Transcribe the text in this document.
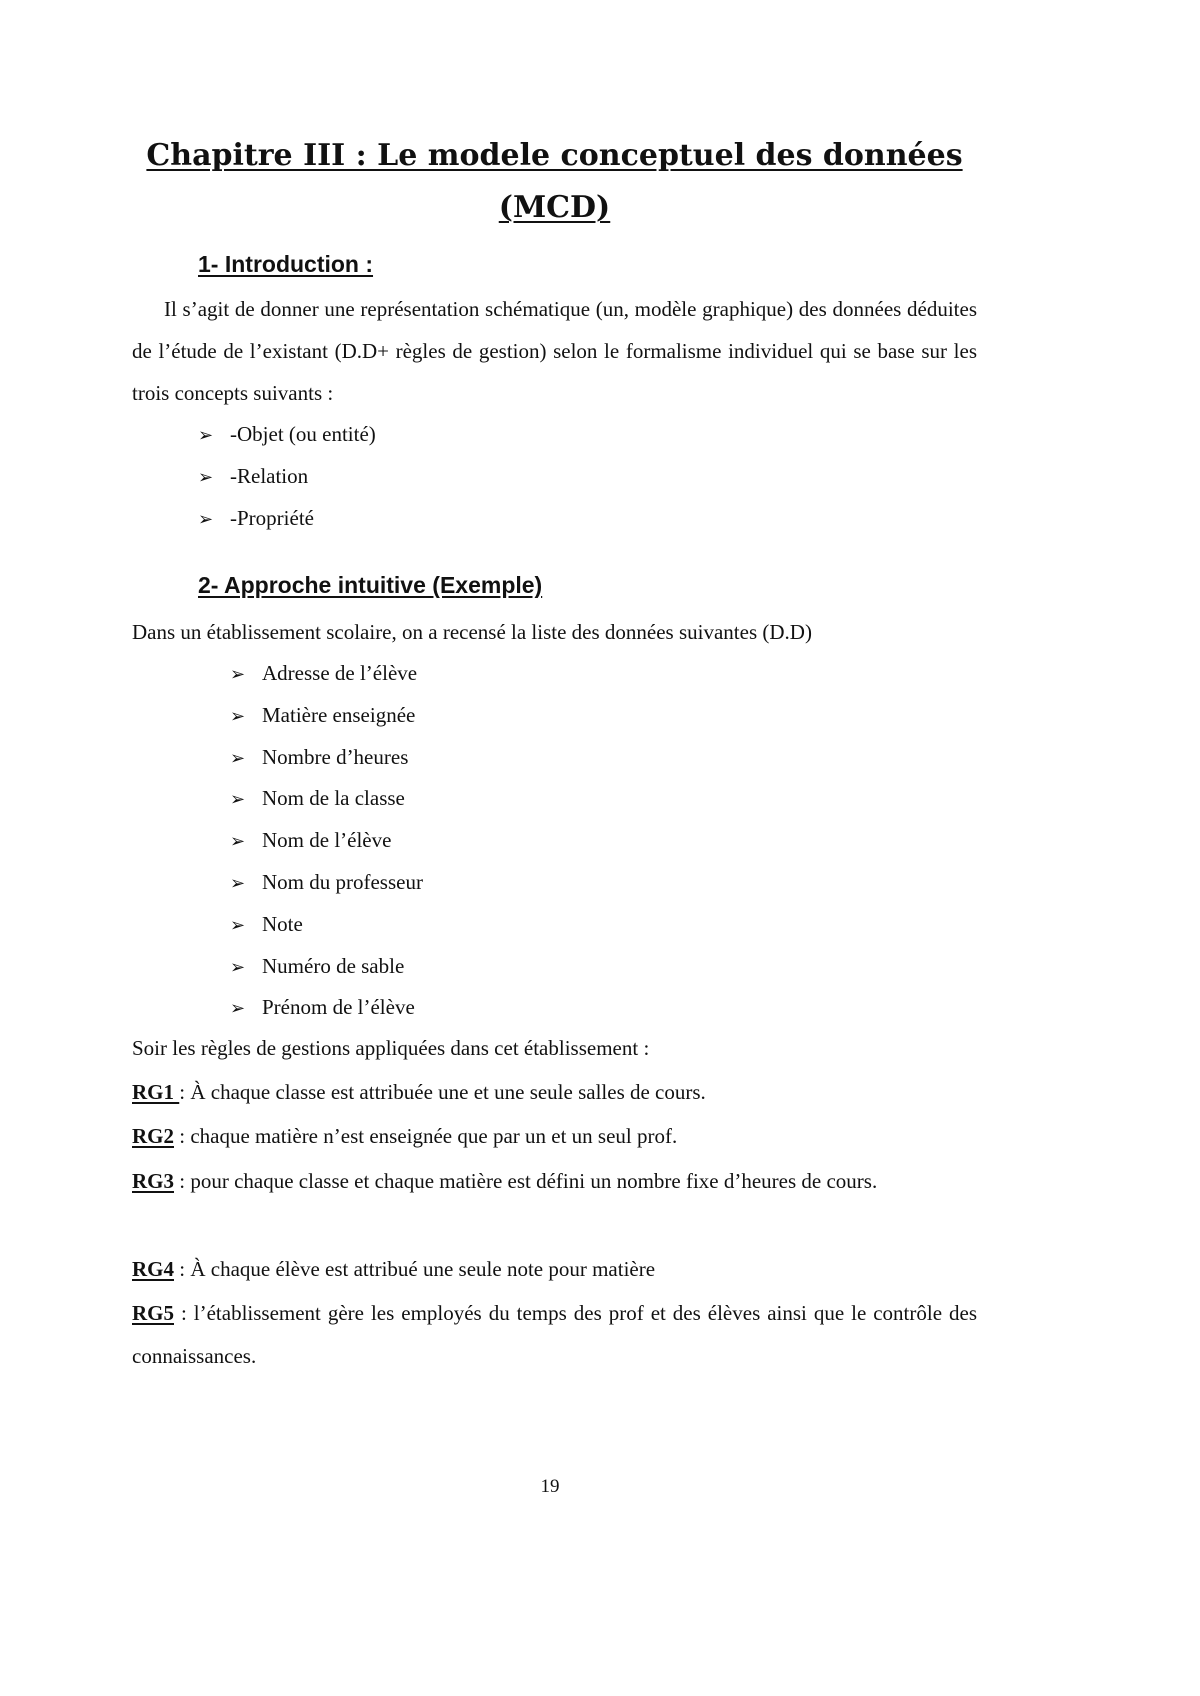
Chapitre III : Le modele conceptuel des données
(MCD)
1- Introduction :

Il s’agit de donner une représentation schématique (un, modèle graphique) des données déduites de l’étude de l’existant (D.D+ règles de gestion) selon le formalisme individuel qui se base sur les trois concepts suivants :

➢ -Objet (ou entité)
➢ -Relation
➢ -Propriété
2- Approche intuitive (Exemple)

Dans un établissement scolaire, on a recensé la liste des données suivantes (D.D)

➢ Adresse de l’élève
➢ Matière enseignée
➢ Nombre d’heures
➢ Nom de la classe
➢ Nom de l’élève
➢ Nom du professeur
➢ Note
➢ Numéro de sable
➢ Prénom de l’élève

Soir les règles de gestions appliquées dans cet établissement :

RG1 : À chaque classe est attribuée une et une seule salles de cours.

RG2 : chaque matière n’est enseignée que par un et un seul prof.

RG3 : pour chaque classe et chaque matière est défini un nombre fixe d’heures de cours.

RG4 : À chaque élève est attribué une seule note pour matière

RG5 : l’établissement gère les employés du temps des prof et des élèves ainsi que le contrôle des connaissances.

19
